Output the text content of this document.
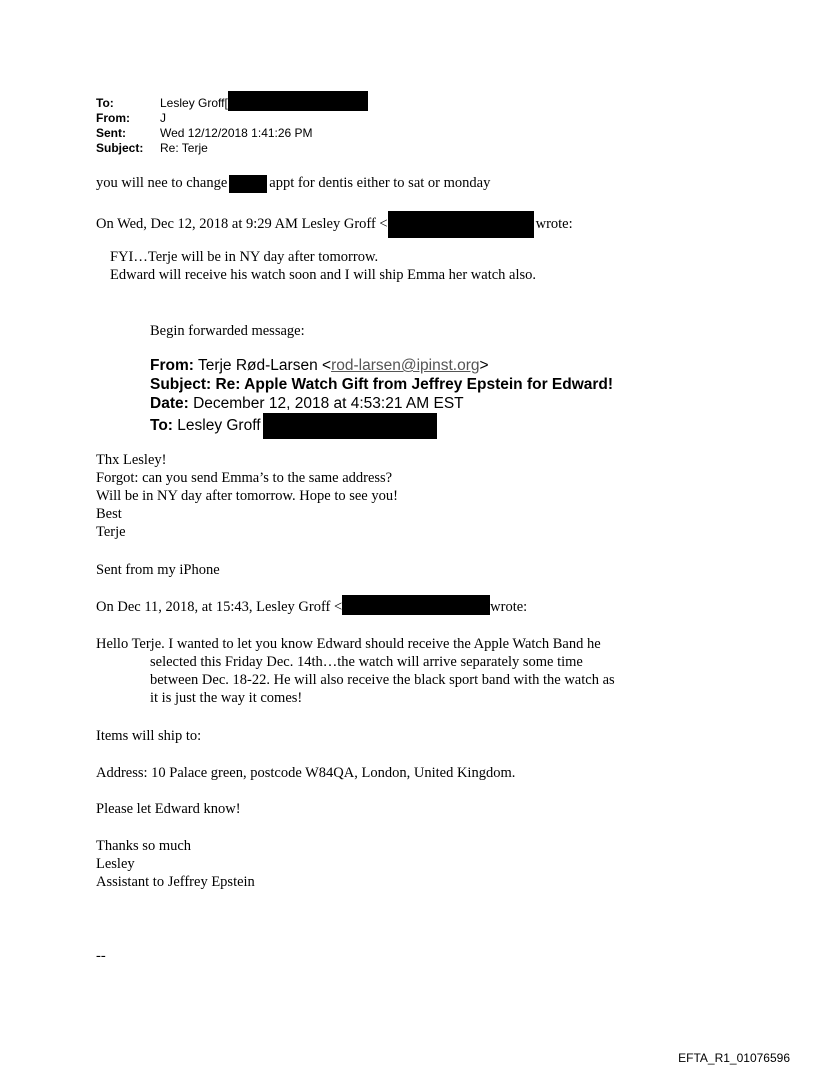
To:	Lesley Groff[
From:	J
Sent:	Wed 12/12/2018 1:41:26 PM
Subject: Re: Terje
you will nee to change	appt for dentis either to sat or monday
On Wed, Dec 12, 2018 at 9:29 AM Lesley Groff <	wrote:
FYI…Terje will be in NY day after tomorrow.
Edward will receive his watch soon and I will ship Emma her watch also.
Begin forwarded message:
From: Terje Rød-Larsen <rod-larsen@ipinst.org>
Subject: Re: Apple Watch Gift from Jeffrey Epstein for Edward!
Date: December 12, 2018 at 4:53:21 AM EST
To: Lesley Groff
Thx Lesley!
Forgot: can you send Emma’s to the same address?
Will be in NY day after tomorrow. Hope to see you!
Best
Terje
Sent from my iPhone
On Dec 11, 2018, at 15:43, Lesley Groff <	wrote:
Hello Terje. I wanted to let you know Edward should receive the Apple Watch Band he
selected this Friday Dec. 14th…the watch will arrive separately some time
between Dec. 18-22. He will also receive the black sport band with the watch as
it is just the way it comes!
Items will ship to:
Address: 10 Palace green, postcode W84QA, London, United Kingdom.
Please let Edward know!
Thanks so much
Lesley
Assistant to Jeffrey Epstein
--
EFTA_R1_01076596
